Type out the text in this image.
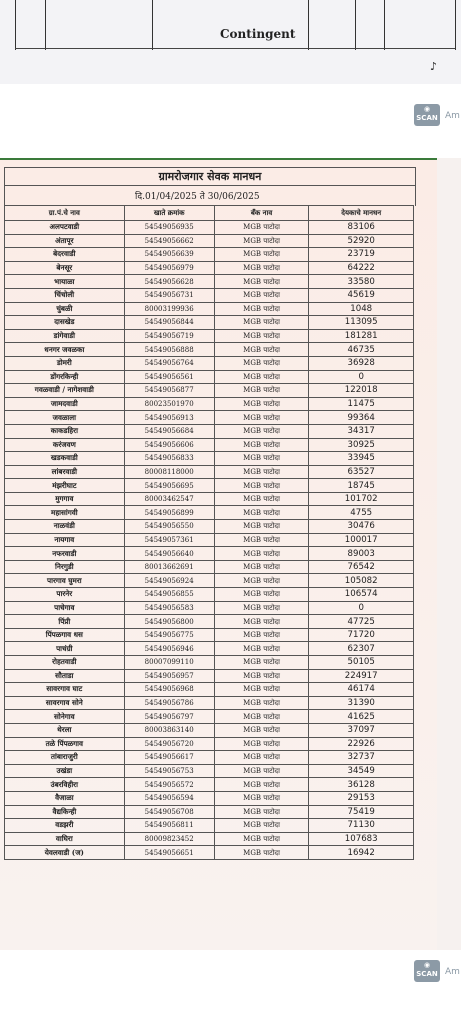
Contingent
♪
◉ SCAN Am
ग्रामरोजगार सेवक मानधन
दि.01/04/2025 ते 30/06/2025
ग्रा.पं.चे नाव	खाते क्रमांक	बँक नाव	देयकाचे मानधन
अलपटवाडी	54549056935	MGB पाटोदा	83106
अंतापूर	54549056662	MGB पाटोदा	52920
बेदरवाडी	54549056639	MGB पाटोदा	23719
बेनसूर	54549056979	MGB पाटोदा	64222
भायाळा	54549056628	MGB पाटोदा	33580
चिंचोली	54549056731	MGB पाटोदा	45619
चुंबळी	80003199936	MGB पाटोदा	1048
दासखेड	54549056844	MGB पाटोदा	113095
डांगेवाडी	54549056719	MGB पाटोदा	181281
धनगर जवळका	54549056888	MGB पाटोदा	46735
डोमरी	54549056764	MGB पाटोदा	36928
डोंगरकिन्ही	54549056561	MGB पाटोदा	0
गवळवाडी / नागेशवाडी	54549056877	MGB पाटोदा	122018
जामदवाडी	80023501970	MGB पाटोदा	11475
जवळाला	54549056913	MGB पाटोदा	99364
काकडहिरा	54549056684	MGB पाटोदा	34317
करंजवण	54549056606	MGB पाटोदा	30925
खडकवाडी	54549056833	MGB पाटोदा	33945
लांबरवाडी	80008118000	MGB पाटोदा	63527
मंझरीघाट	54549056695	MGB पाटोदा	18745
मुगगाव	80003462547	MGB पाटोदा	101702
महासांगवी	54549056899	MGB पाटोदा	4755
नाळवंडी	54549056550	MGB पाटोदा	30476
नायगाव	54549057361	MGB पाटोदा	100017
नफरवाडी	54549056640	MGB पाटोदा	89003
निरगुडी	80013662691	MGB पाटोदा	76542
पारगाव घुमरा	54549056924	MGB पाटोदा	105082
पारनेर	54549056855	MGB पाटोदा	106574
पाचेगाव	54549056583	MGB पाटोदा	0
पिंप्री	54549056800	MGB पाटोदा	47725
पिंपळगाव धस	54549056775	MGB पाटोदा	71720
पाचंग्री	54549056946	MGB पाटोदा	62307
रोहतवाडी	80007099110	MGB पाटोदा	50105
सौताडा	54549056957	MGB पाटोदा	224917
सावरगाव घाट	54549056968	MGB पाटोदा	46174
सावरगाव सोने	54549056786	MGB पाटोदा	31390
सोनेगाव	54549056797	MGB पाटोदा	41625
थेरला	80003863140	MGB पाटोदा	37097
तळे पिंपळगाव	54549056720	MGB पाटोदा	22926
तांबाराजुरी	54549056617	MGB पाटोदा	32737
उखंडा	54549056753	MGB पाटोदा	34549
उंबरविहीरा	54549056572	MGB पाटोदा	36128
वैजाळा	54549056594	MGB पाटोदा	29153
वैद्यकिन्ही	54549056708	MGB पाटोदा	75419
वडझरी	54549056811	MGB पाटोदा	71130
वाघिरा	80009823452	MGB पाटोदा	107683
येवलवाडी (ज)	54549056651	MGB पाटोदा	16942
◉ SCAN Am
